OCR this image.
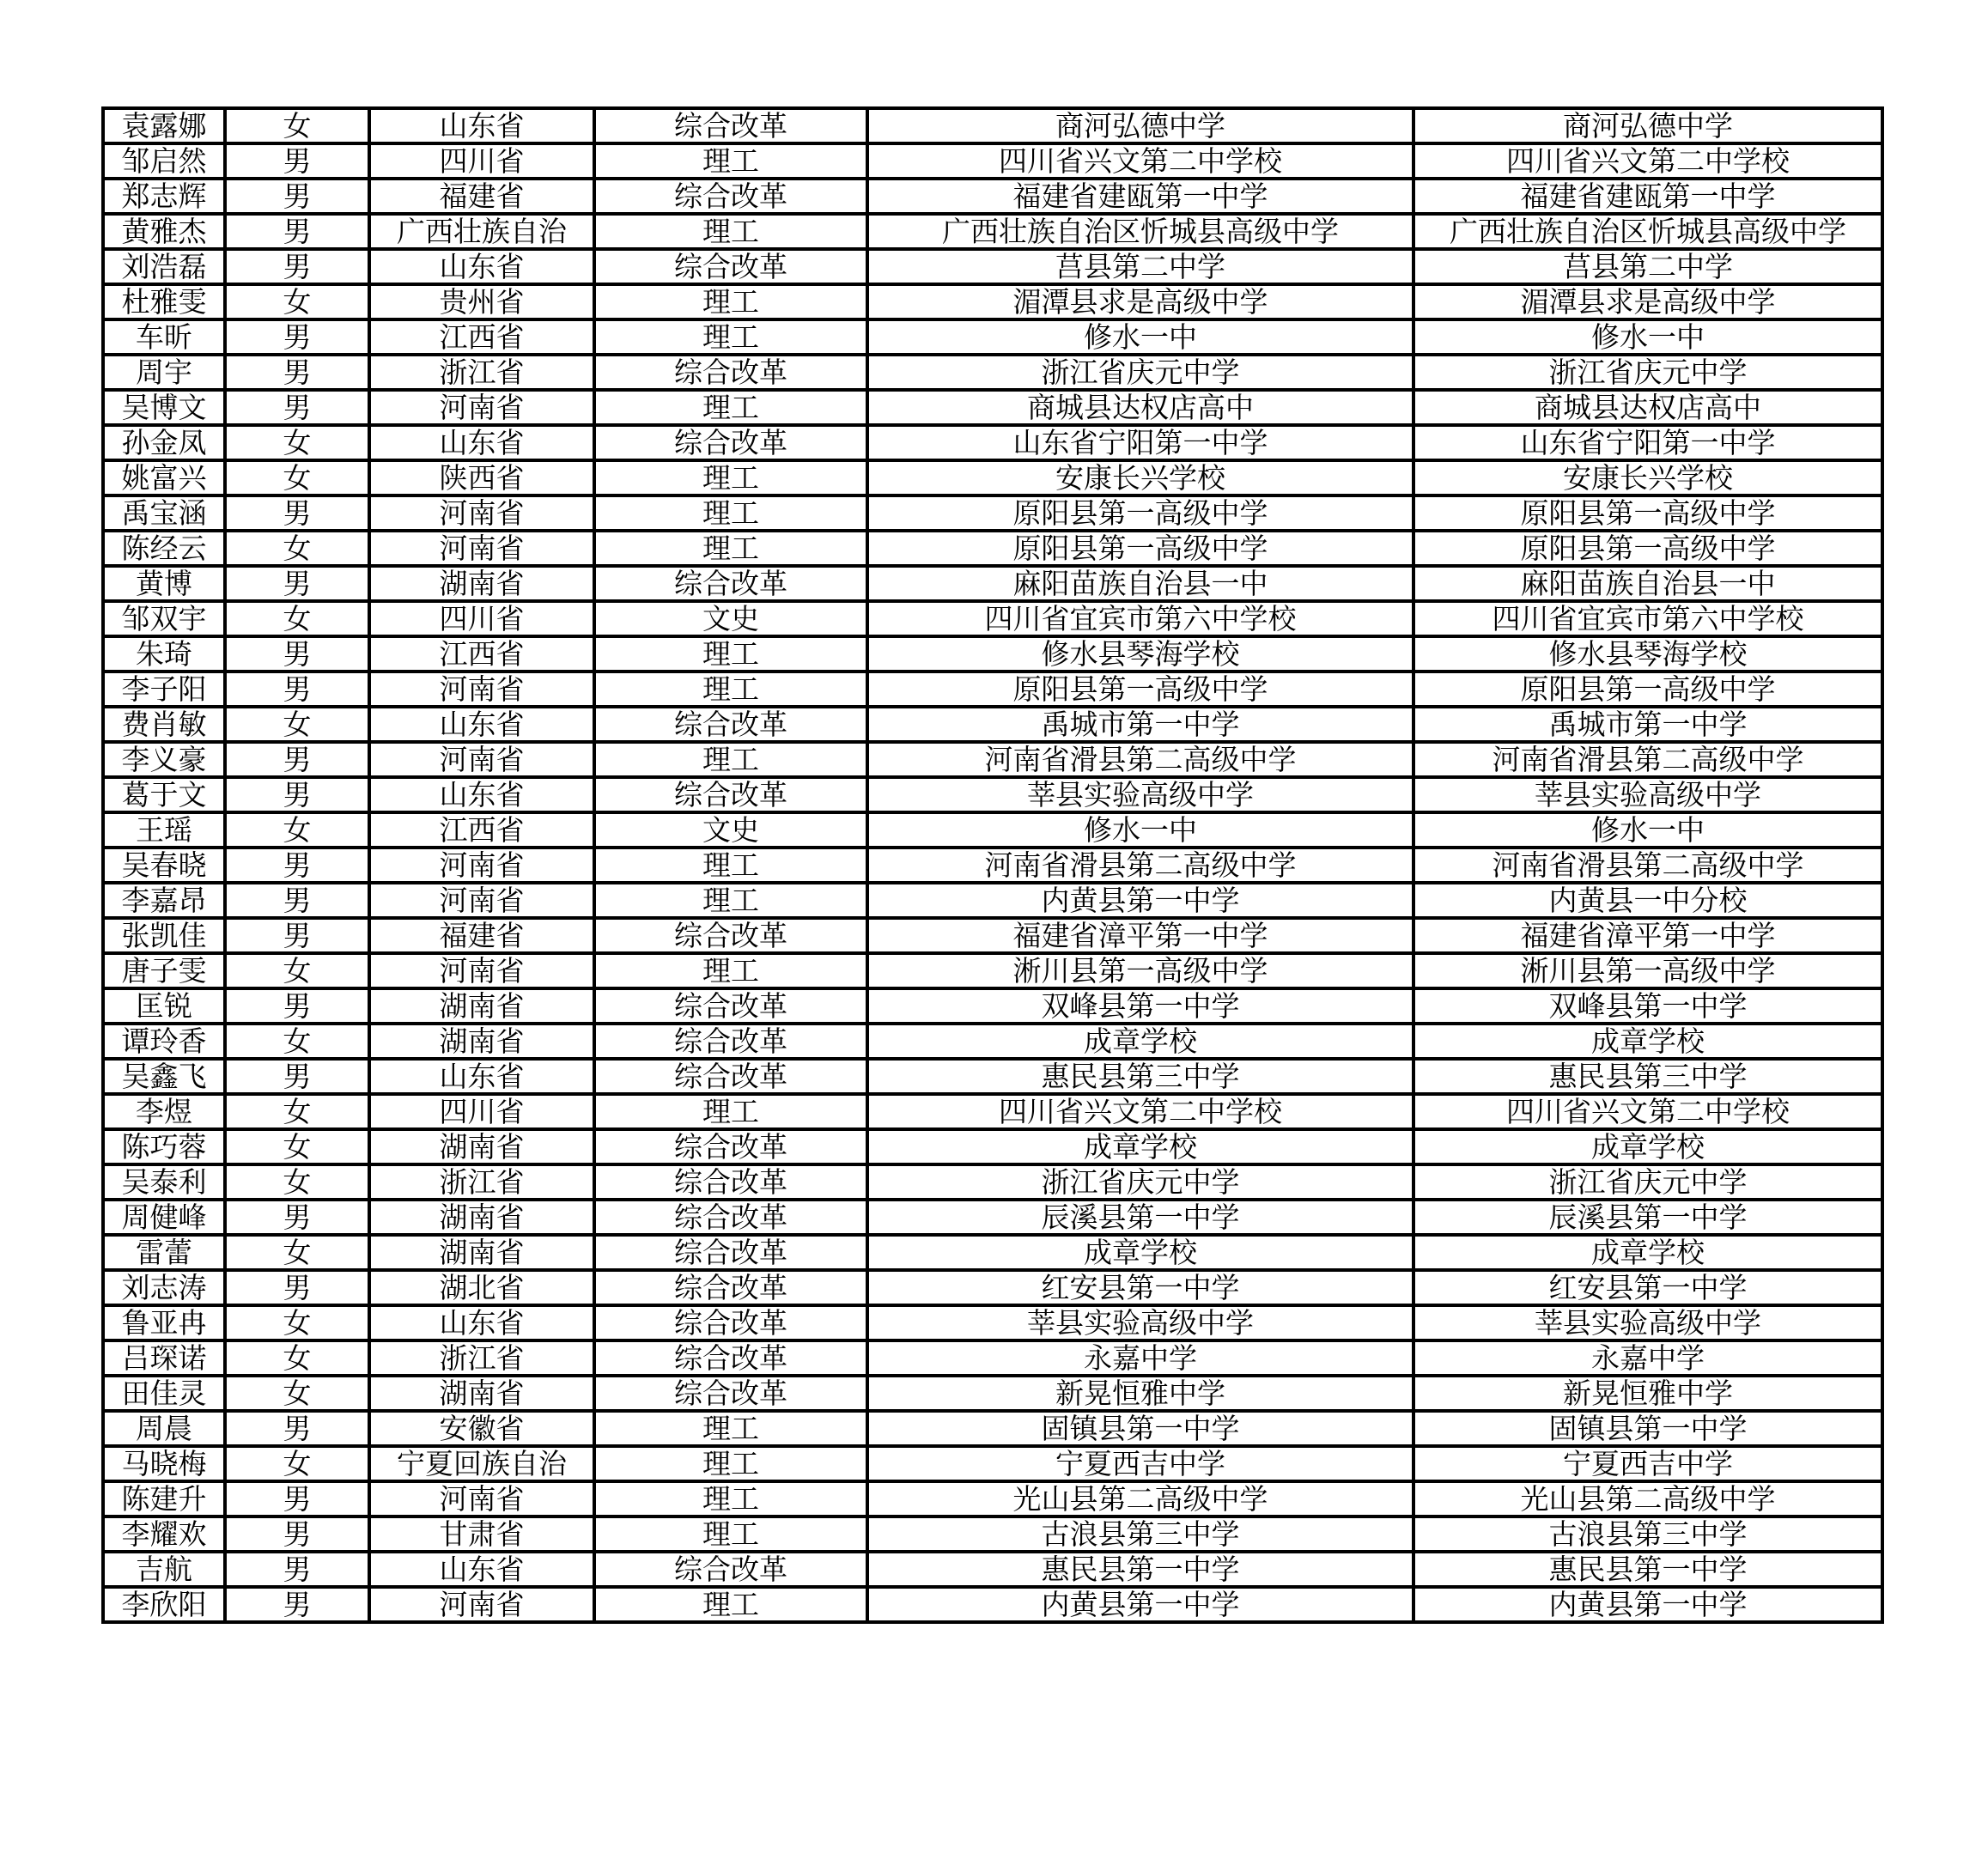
袁露娜	女	山东省	综合改革	商河弘德中学	商河弘德中学
邹启然	男	四川省	理工	四川省兴文第二中学校	四川省兴文第二中学校
郑志辉	男	福建省	综合改革	福建省建瓯第一中学	福建省建瓯第一中学
黄雅杰	男	广西壮族自治	理工	广西壮族自治区忻城县高级中学	广西壮族自治区忻城县高级中学
刘浩磊	男	山东省	综合改革	莒县第二中学	莒县第二中学
杜雅雯	女	贵州省	理工	湄潭县求是高级中学	湄潭县求是高级中学
车昕	男	江西省	理工	修水一中	修水一中
周宇	男	浙江省	综合改革	浙江省庆元中学	浙江省庆元中学
吴博文	男	河南省	理工	商城县达权店高中	商城县达权店高中
孙金凤	女	山东省	综合改革	山东省宁阳第一中学	山东省宁阳第一中学
姚富兴	女	陕西省	理工	安康长兴学校	安康长兴学校
禹宝涵	男	河南省	理工	原阳县第一高级中学	原阳县第一高级中学
陈经云	女	河南省	理工	原阳县第一高级中学	原阳县第一高级中学
黄博	男	湖南省	综合改革	麻阳苗族自治县一中	麻阳苗族自治县一中
邹双宇	女	四川省	文史	四川省宜宾市第六中学校	四川省宜宾市第六中学校
朱琦	男	江西省	理工	修水县琴海学校	修水县琴海学校
李子阳	男	河南省	理工	原阳县第一高级中学	原阳县第一高级中学
费肖敏	女	山东省	综合改革	禹城市第一中学	禹城市第一中学
李义豪	男	河南省	理工	河南省滑县第二高级中学	河南省滑县第二高级中学
葛于文	男	山东省	综合改革	莘县实验高级中学	莘县实验高级中学
王瑶	女	江西省	文史	修水一中	修水一中
吴春晓	男	河南省	理工	河南省滑县第二高级中学	河南省滑县第二高级中学
李嘉昂	男	河南省	理工	内黄县第一中学	内黄县一中分校
张凯佳	男	福建省	综合改革	福建省漳平第一中学	福建省漳平第一中学
唐子雯	女	河南省	理工	淅川县第一高级中学	淅川县第一高级中学
匡锐	男	湖南省	综合改革	双峰县第一中学	双峰县第一中学
谭玲香	女	湖南省	综合改革	成章学校	成章学校
吴鑫飞	男	山东省	综合改革	惠民县第三中学	惠民县第三中学
李煜	女	四川省	理工	四川省兴文第二中学校	四川省兴文第二中学校
陈巧蓉	女	湖南省	综合改革	成章学校	成章学校
吴泰利	女	浙江省	综合改革	浙江省庆元中学	浙江省庆元中学
周健峰	男	湖南省	综合改革	辰溪县第一中学	辰溪县第一中学
雷蕾	女	湖南省	综合改革	成章学校	成章学校
刘志涛	男	湖北省	综合改革	红安县第一中学	红安县第一中学
鲁亚冉	女	山东省	综合改革	莘县实验高级中学	莘县实验高级中学
吕琛诺	女	浙江省	综合改革	永嘉中学	永嘉中学
田佳灵	女	湖南省	综合改革	新晃恒雅中学	新晃恒雅中学
周晨	男	安徽省	理工	固镇县第一中学	固镇县第一中学
马晓梅	女	宁夏回族自治	理工	宁夏西吉中学	宁夏西吉中学
陈建升	男	河南省	理工	光山县第二高级中学	光山县第二高级中学
李耀欢	男	甘肃省	理工	古浪县第三中学	古浪县第三中学
吉航	男	山东省	综合改革	惠民县第一中学	惠民县第一中学
李欣阳	男	河南省	理工	内黄县第一中学	内黄县第一中学
